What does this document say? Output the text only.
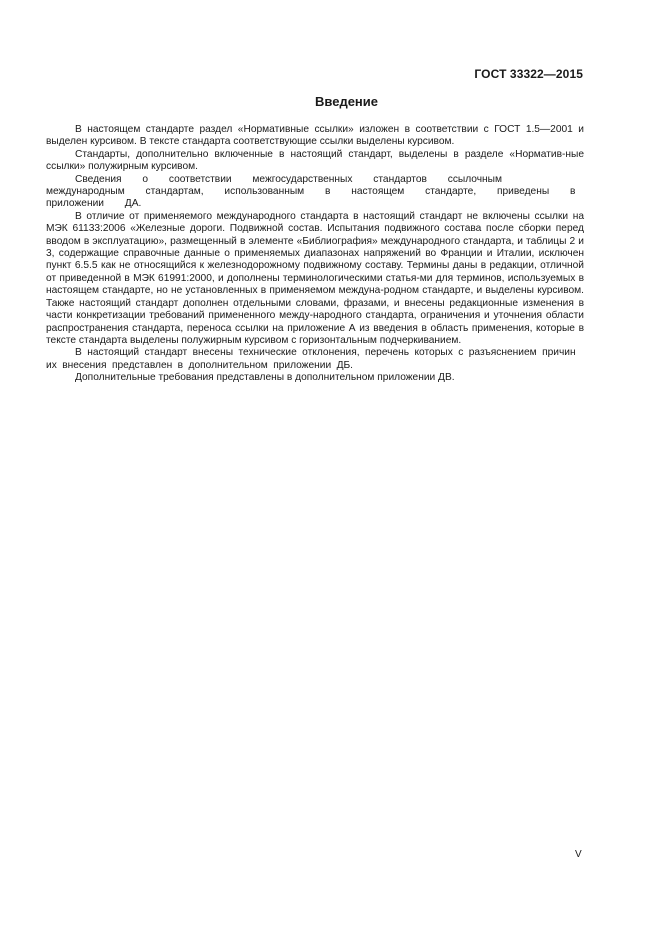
ГОСТ 33322—2015
Введение

В настоящем стандарте раздел «Нормативные ссылки» изложен в соответствии с ГОСТ 1.5—2001 и выделен курсивом. В тексте стандарта соответствующие ссылки выделены курсивом.

Стандарты, дополнительно включенные в настоящий стандарт, выделены в разделе «Норматив-ные ссылки» полужирным курсивом.

Сведения о соответствии межгосударственных стандартов ссылочным международным стандартам, использованным в настоящем стандарте, приведены в приложении ДА.

В отличие от применяемого международного стандарта в настоящий стандарт не включены ссылки на МЭК 61133:2006 «Железные дороги. Подвижной состав. Испытания подвижного состава после сборки перед вводом в эксплуатацию», размещенный в элементе «Библиография» международного стандарта, и таблицы 2 и 3, содержащие справочные данные о применяемых диапазонах напряжений во Франции и Италии, исключен пункт 6.5.5 как не относящийся к железнодорожному подвижному составу. Термины даны в редакции, отличной от приведенной в МЭК 61991:2000, и дополнены терминологическими статья-ми для терминов, используемых в настоящем стандарте, но не установленных в применяемом междуна-родном стандарте, и выделены курсивом. Также настоящий стандарт дополнен отдельными словами, фразами, и внесены редакционные изменения в части конкретизации требований примененного между-народного стандарта, ограничения и уточнения области распространения стандарта, переноса ссылки на приложение А из введения в область применения, которые в тексте стандарта выделены полужирным курсивом с горизонтальным подчеркиванием.

В настоящий стандарт внесены технические отклонения, перечень которых с разъяснением причин их внесения представлен в дополнительном приложении ДБ.

Дополнительные требования представлены в дополнительном приложении ДВ.

V
